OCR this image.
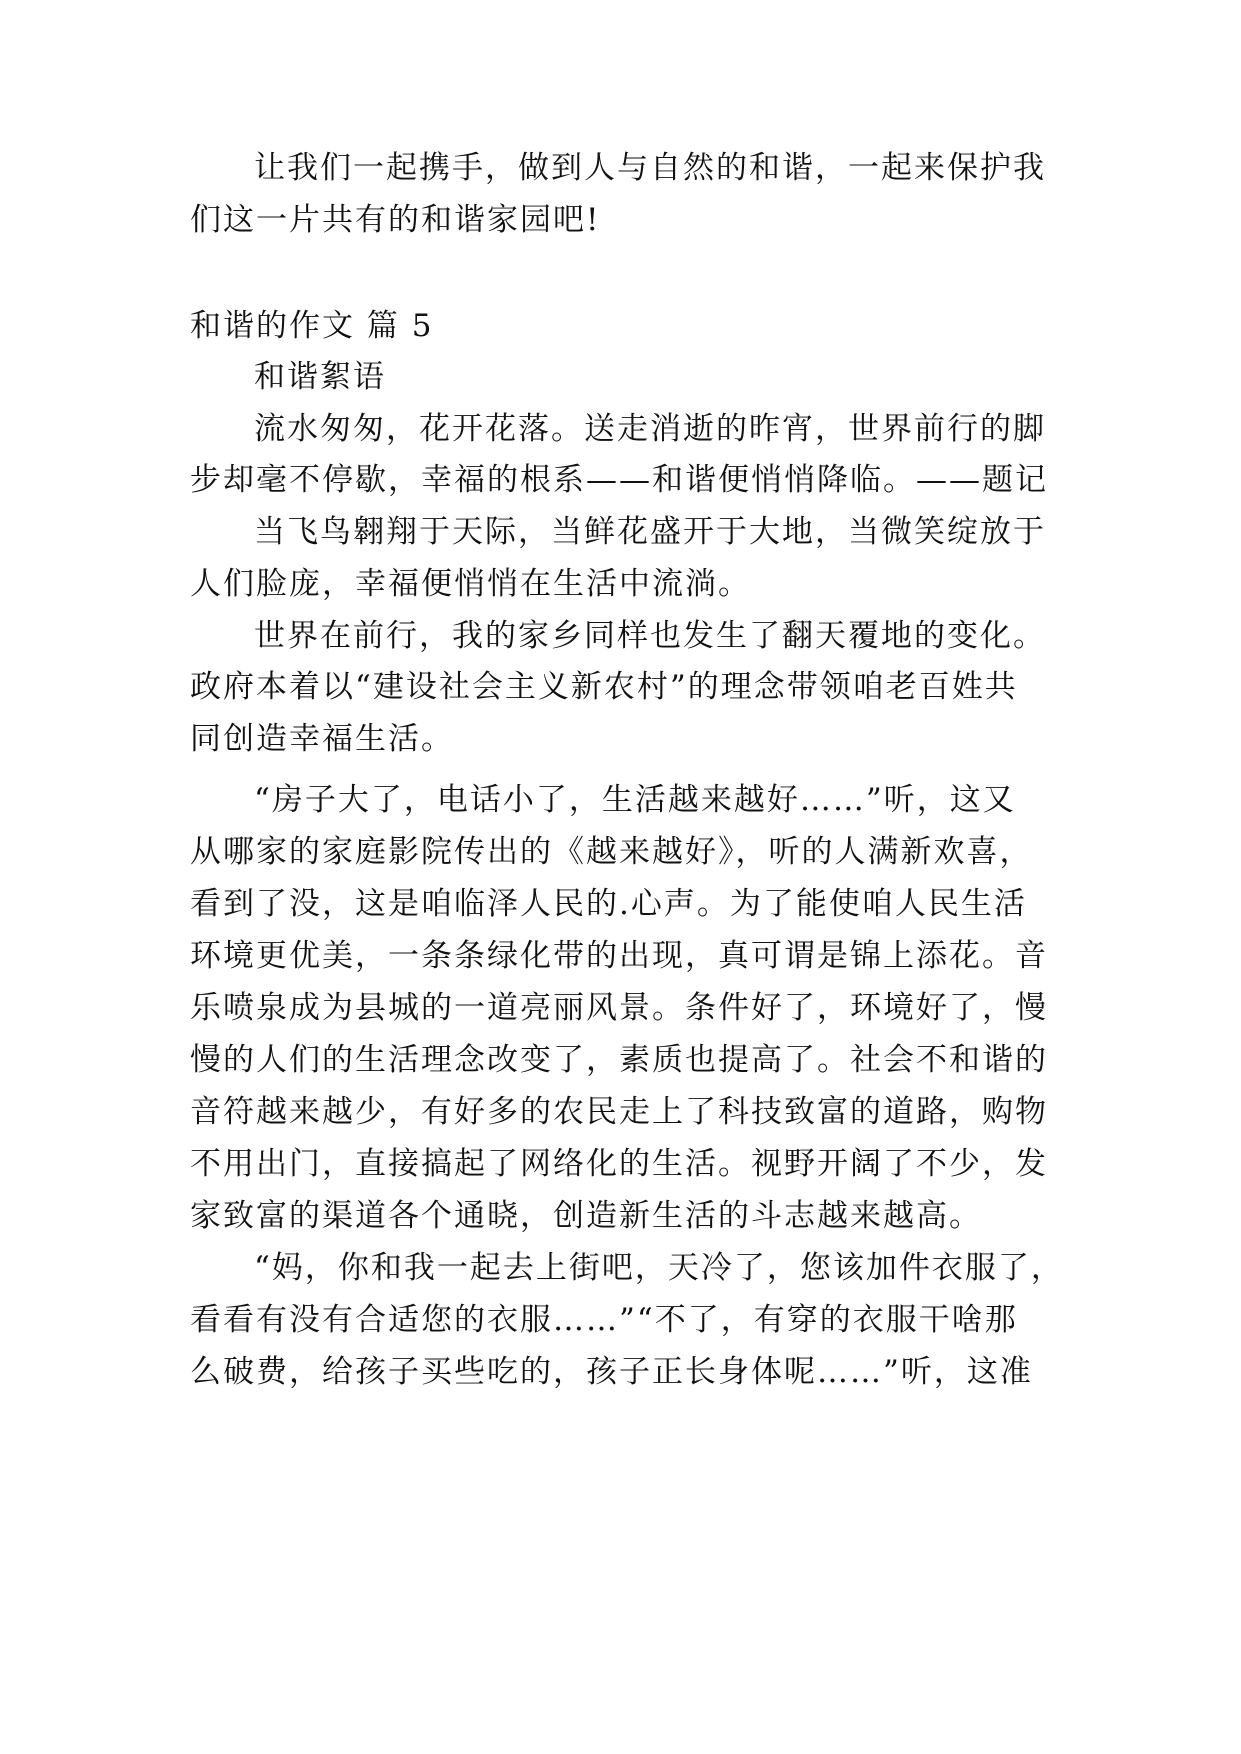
让我们一起携手，做到人与自然的和谐，一起来保护我
们这一片共有的和谐家园吧!
和谐的作文 篇 5
和谐絮语
流水匆匆，花开花落。送走消逝的昨宵，世界前行的脚
步却毫不停歇，幸福的根系——和谐便悄悄降临。——题记
当飞鸟翱翔于天际，当鲜花盛开于大地，当微笑绽放于
人们脸庞，幸福便悄悄在生活中流淌。
世界在前行，我的家乡同样也发生了翻天覆地的变化。
政府本着以“建设社会主义新农村”的理念带领咱老百姓共
同创造幸福生活。
“房子大了，电话小了，生活越来越好……”听，这又
从哪家的家庭影院传出的《越来越好》，听的人满新欢喜，
看到了没，这是咱临泽人民的.心声。为了能使咱人民生活
环境更优美，一条条绿化带的出现，真可谓是锦上添花。音
乐喷泉成为县城的一道亮丽风景。条件好了，环境好了，慢
慢的人们的生活理念改变了，素质也提高了。社会不和谐的
音符越来越少，有好多的农民走上了科技致富的道路，购物
不用出门，直接搞起了网络化的生活。视野开阔了不少，发
家致富的渠道各个通晓，创造新生活的斗志越来越高。
“妈，你和我一起去上街吧，天冷了，您该加件衣服了，
看看有没有合适您的衣服……”“不了，有穿的衣服干啥那
么破费，给孩子买些吃的，孩子正长身体呢……”听，这准
